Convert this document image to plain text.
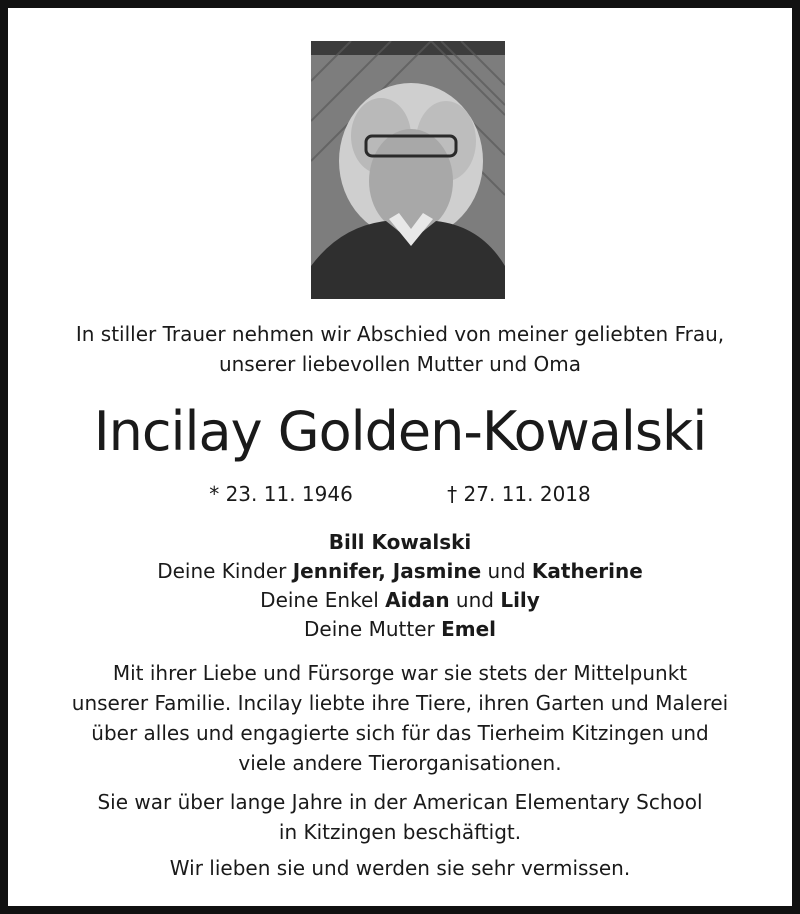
In stiller Trauer nehmen wir Abschied von meiner geliebten Frau,
unserer liebevollen Mutter und Oma
Incilay Golden-Kowalski
* 23. 11. 1946	† 27. 11. 2018
Bill Kowalski
Deine Kinder Jennifer, Jasmine und Katherine
Deine Enkel Aidan und Lily
Deine Mutter Emel
Mit ihrer Liebe und Fürsorge war sie stets der Mittelpunkt
unserer Familie. Incilay liebte ihre Tiere, ihren Garten und Malerei
über alles und engagierte sich für das Tierheim Kitzingen und
viele andere Tierorganisationen.
Sie war über lange Jahre in der American Elementary School
in Kitzingen beschäftigt.
Wir lieben sie und werden sie sehr vermissen.
